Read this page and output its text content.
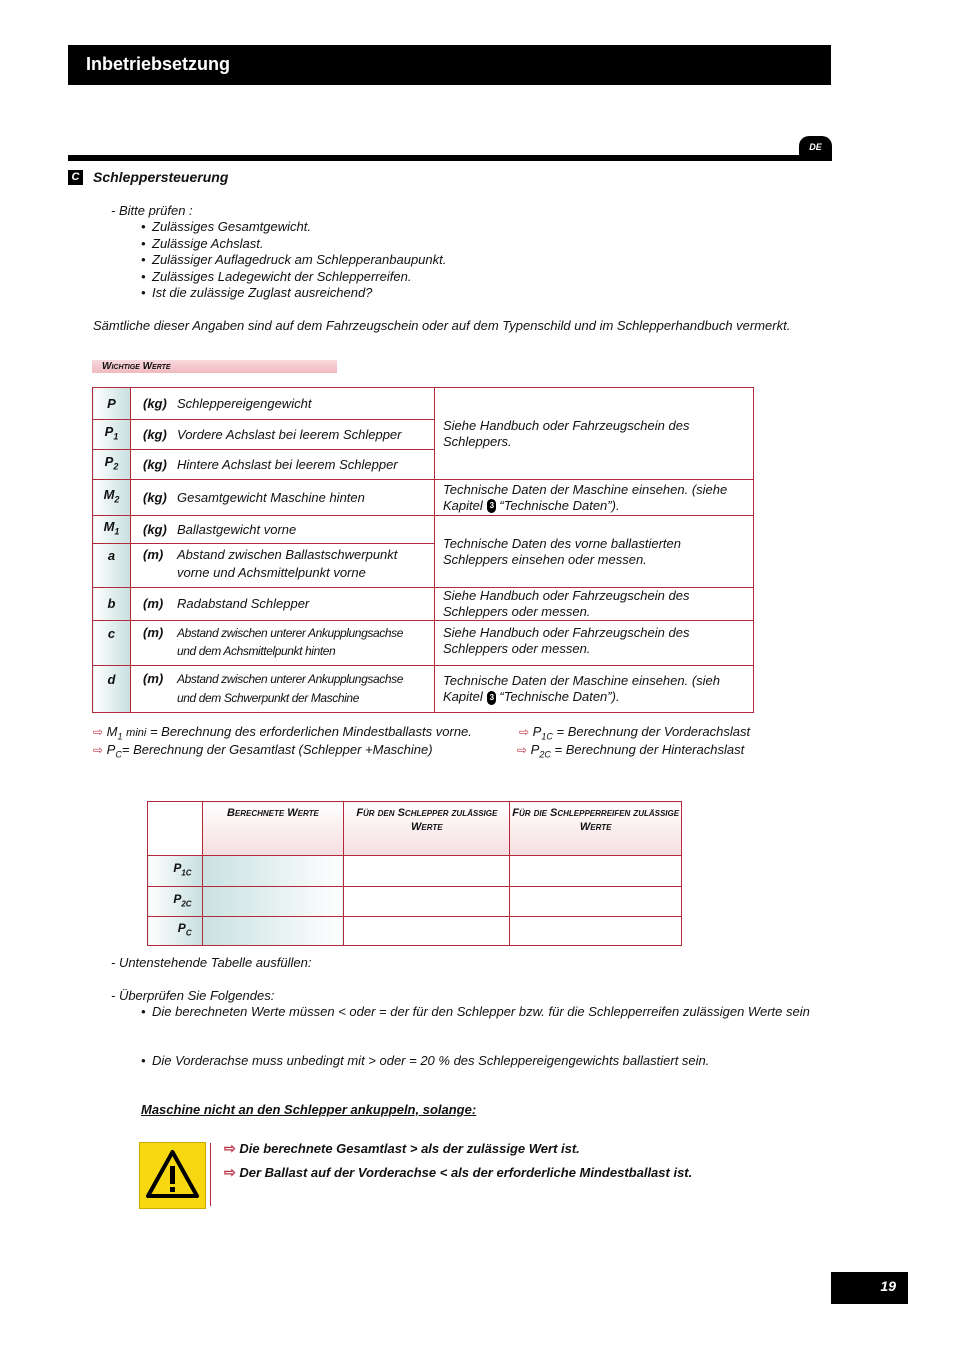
Inbetriebsetzung
DE
C Schleppersteuerung
- Bitte prüfen :
• Zulässiges Gesamtgewicht.
• Zulässige Achslast.
• Zulässiger Auflagedruck am Schlepperanbaupunkt.
• Zulässiges Ladegewicht der Schlepperreifen.
• Ist die zulässige Zuglast ausreichend?
Sämtliche dieser Angaben sind auf dem Fahrzeugschein oder auf dem Typenschild und im Schlepperhandbuch vermerkt.
Wichtige Werte
P	(kg) Schleppereigengewicht	Siehe Handbuch oder Fahrzeugschein des Schleppers.
$P_1$	(kg) Vordere Achslast bei leerem Schlepper	
$P_2$	(kg) Hintere Achslast bei leerem Schlepper	
$M_2$	(kg) Gesamtgewicht Maschine hinten	Technische Daten der Maschine einsehen. (siehe
Kapitel 3 “Technische Daten”).
$M_1$	(kg) Ballastgewicht vorne	Technische Daten des vorne ballastierten Schleppers einsehen oder messen.
a	(m) Abstand zwischen Ballastschwerpunkt
vorne und Achsmittelpunkt vorne	
b	(m) Radabstand Schlepper	Siehe Handbuch oder Fahrzeugschein des Schleppers oder messen.
c	(m) Abstand zwischen unterer Ankupplungsachse
und dem Achsmittelpunkt hinten	Siehe Handbuch oder Fahrzeugschein des Schleppers oder messen.
d	(m) Abstand zwischen unterer Ankupplungsachse
und dem Schwerpunkt der Maschine	Technische Daten der Maschine einsehen. (sieh
Kapitel 3 “Technische Daten”).
⇨ $M_1$ mini = Berechnung des erforderlichen Mindestballasts vorne.
⇨ $P_C=$ Berechnung der Gesamtlast (Schlepper +Maschine)
⇨ $P_{1C}$ = Berechnung der Vorderachslast
⇨ $P_{2C}$ = Berechnung der Hinterachslast
	Berechnete Werte	Für den Schlepper zulässige Werte	Für die Schlepperreifen zulässige Werte
$P_{1C}$			
$P_{2C}$			
$P_C$			
- Untenstehende Tabelle ausfüllen:
- Überprüfen Sie Folgendes:
• Die berechneten Werte müssen < oder = der für den Schlepper bzw. für die Schlepperreifen zulässigen Werte sein
• Die Vorderachse muss unbedingt mit > oder = 20 % des Schleppereigengewichts ballastiert sein.
Maschine nicht an den Schlepper ankuppeln, solange:
⇨ Die berechnete Gesamtlast > als der zulässige Wert ist.
⇨ Der Ballast auf der Vorderachse < als der erforderliche Mindestballast ist.
19
